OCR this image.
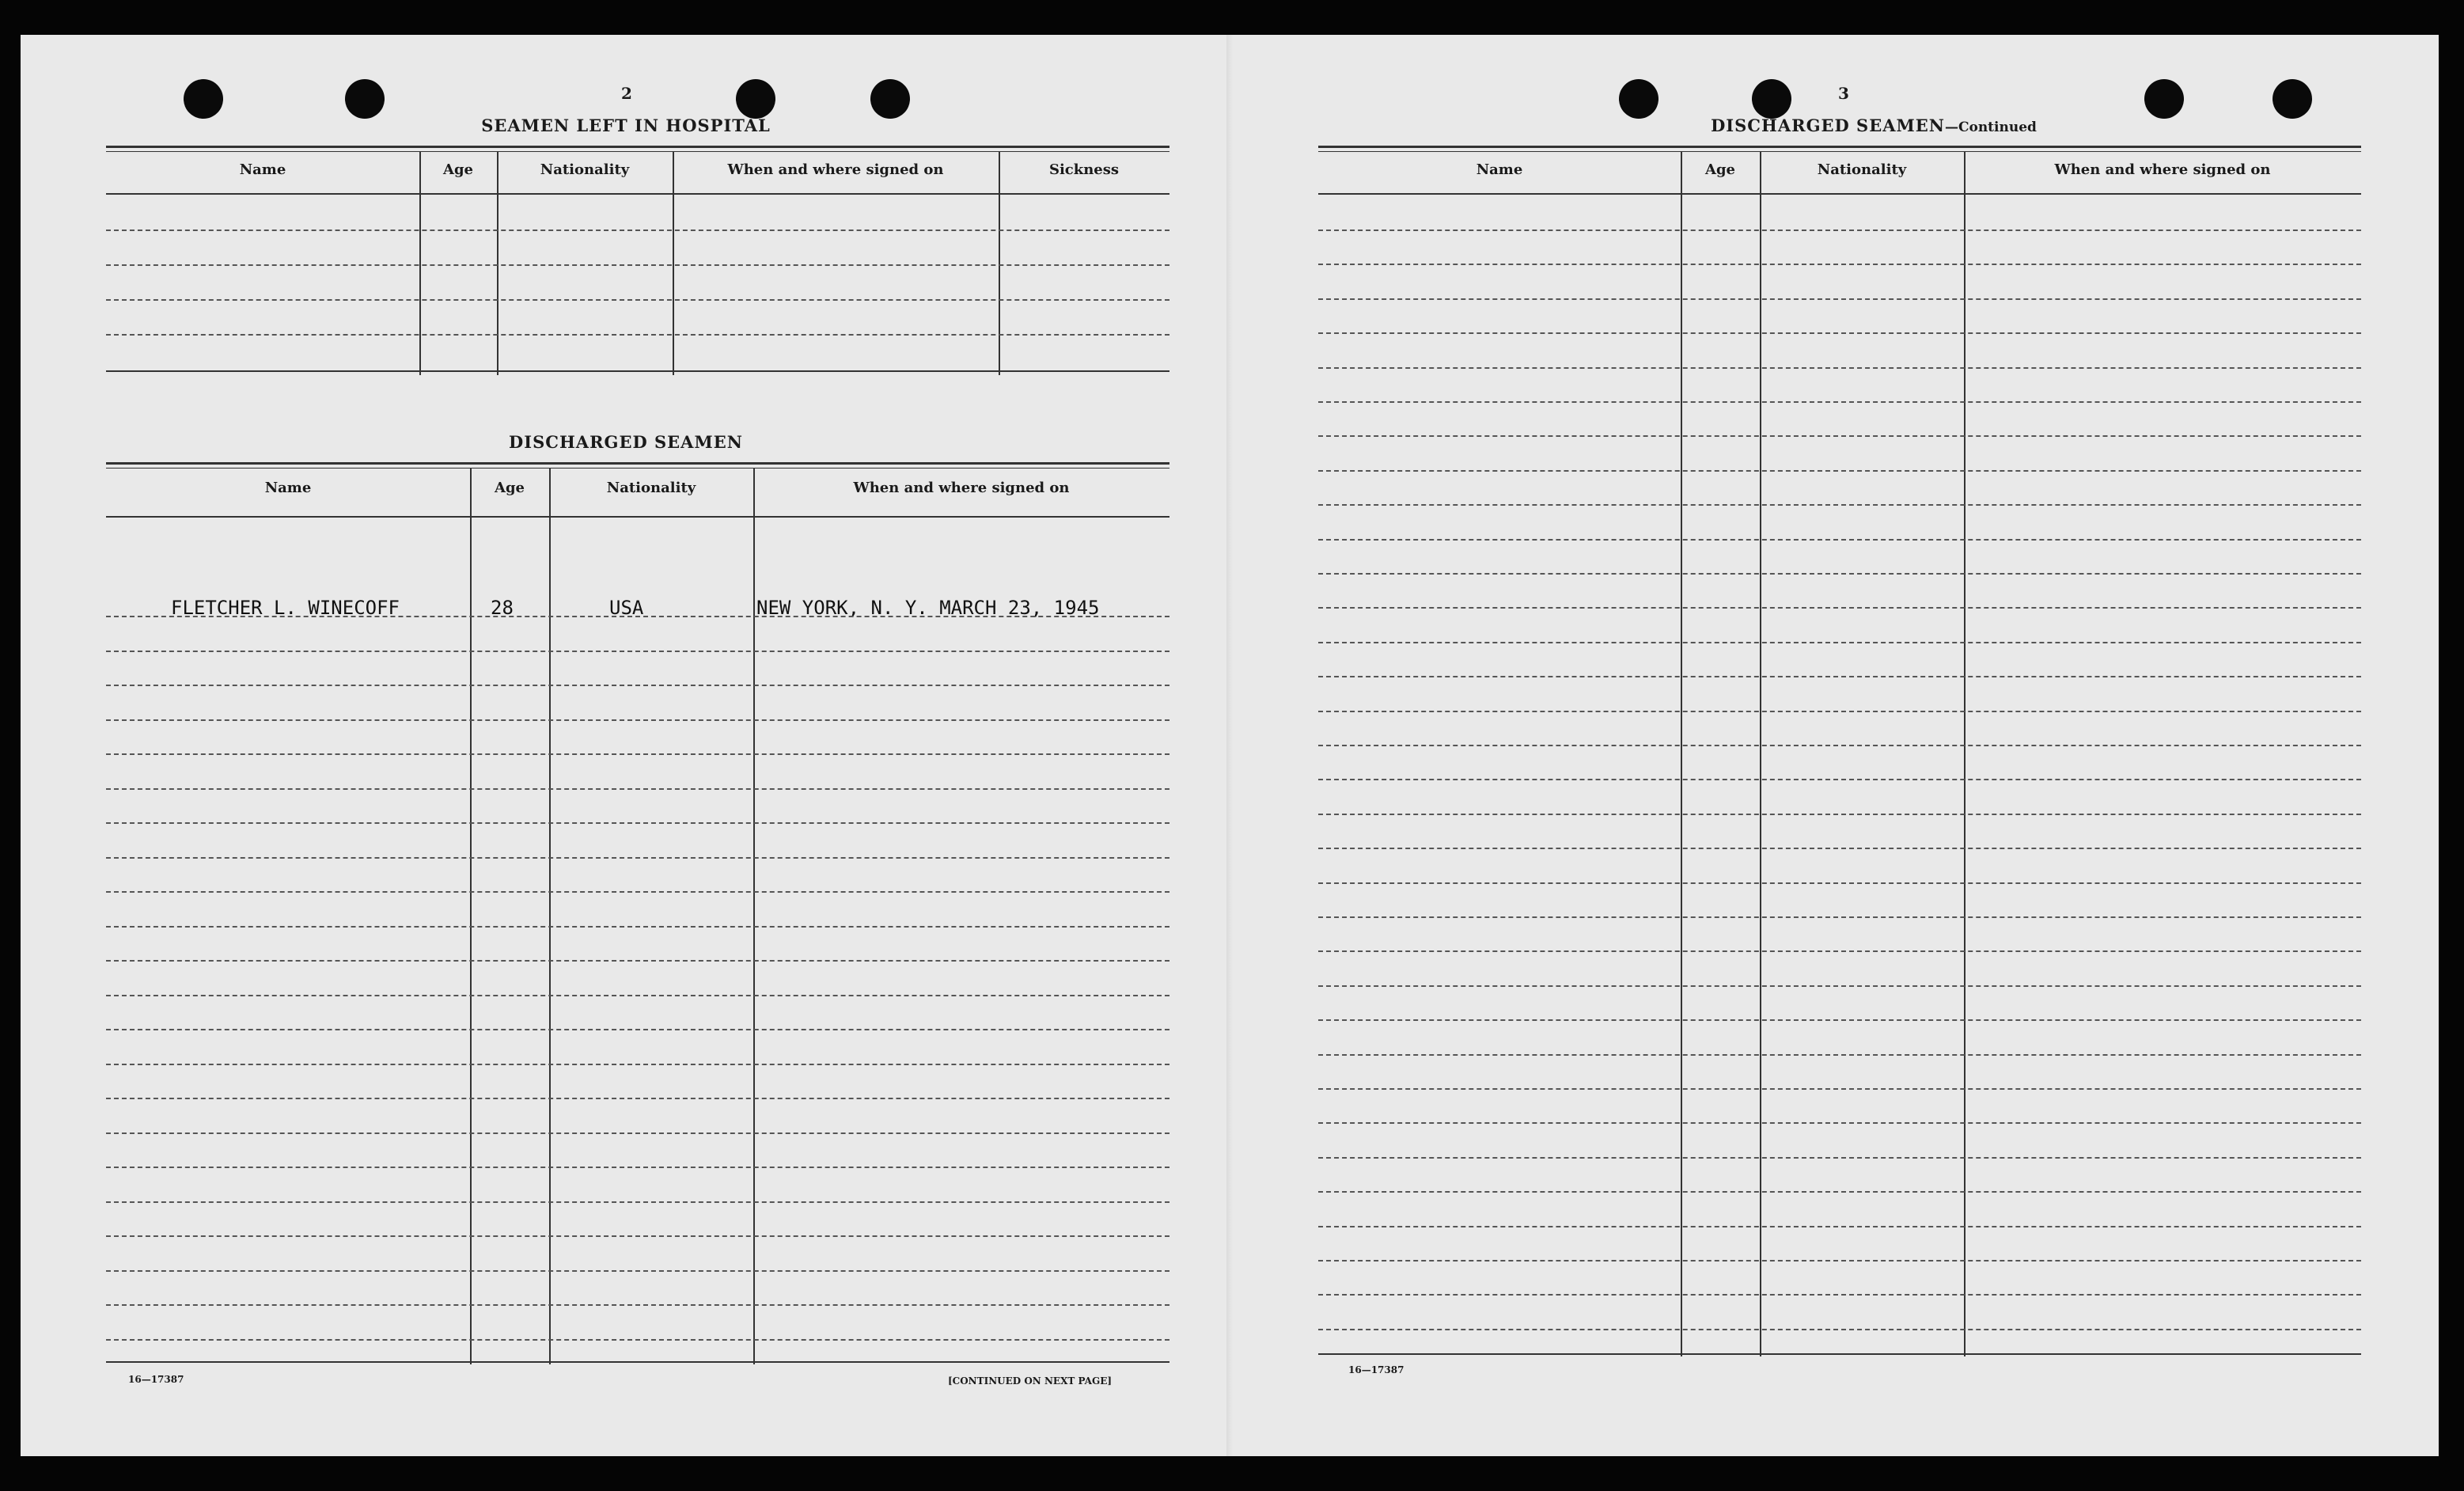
2
SEAMEN LEFT IN HOSPITAL
Name	Age	Nationality	When and where signed on	Sickness
DISCHARGED SEAMEN
Name	Age	Nationality	When and where signed on
FLETCHER L. WINECOFF	28	USA	NEW YORK, N. Y. MARCH 23, 1945
16—17387	[CONTINUED ON NEXT PAGE]
3
DISCHARGED SEAMEN—Continued
Name	Age	Nationality	When and where signed on
16—17387
